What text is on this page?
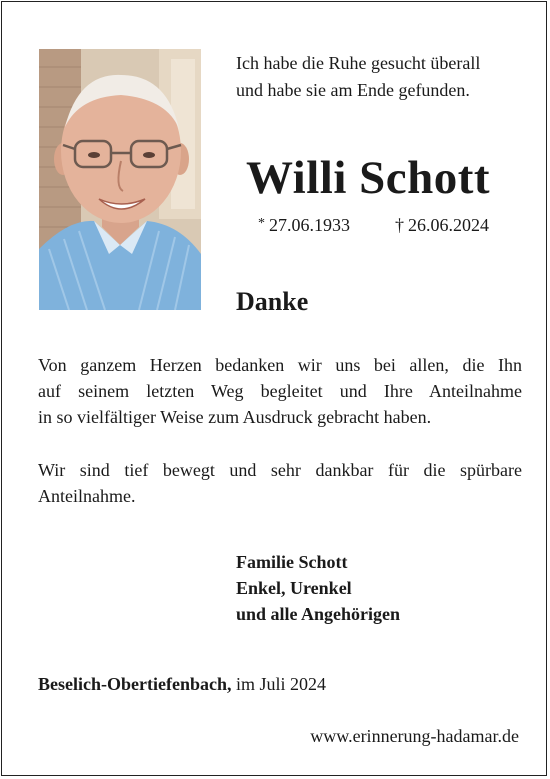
Ich habe die Ruhe gesucht überall
und habe sie am Ende gefunden.
Willi Schott
* 27.06.1933	† 26.06.2024
Danke
Von ganzem Herzen bedanken wir uns bei allen, die Ihn
auf seinem letzten Weg begleitet und Ihre Anteilnahme
in so vielfältiger Weise zum Ausdruck gebracht haben.
Wir sind tief bewegt und sehr dankbar für die spürbare
Anteilnahme.
Familie Schott
Enkel, Urenkel
und alle Angehörigen
Beselich-Obertiefenbach, im Juli 2024
www.erinnerung-hadamar.de
